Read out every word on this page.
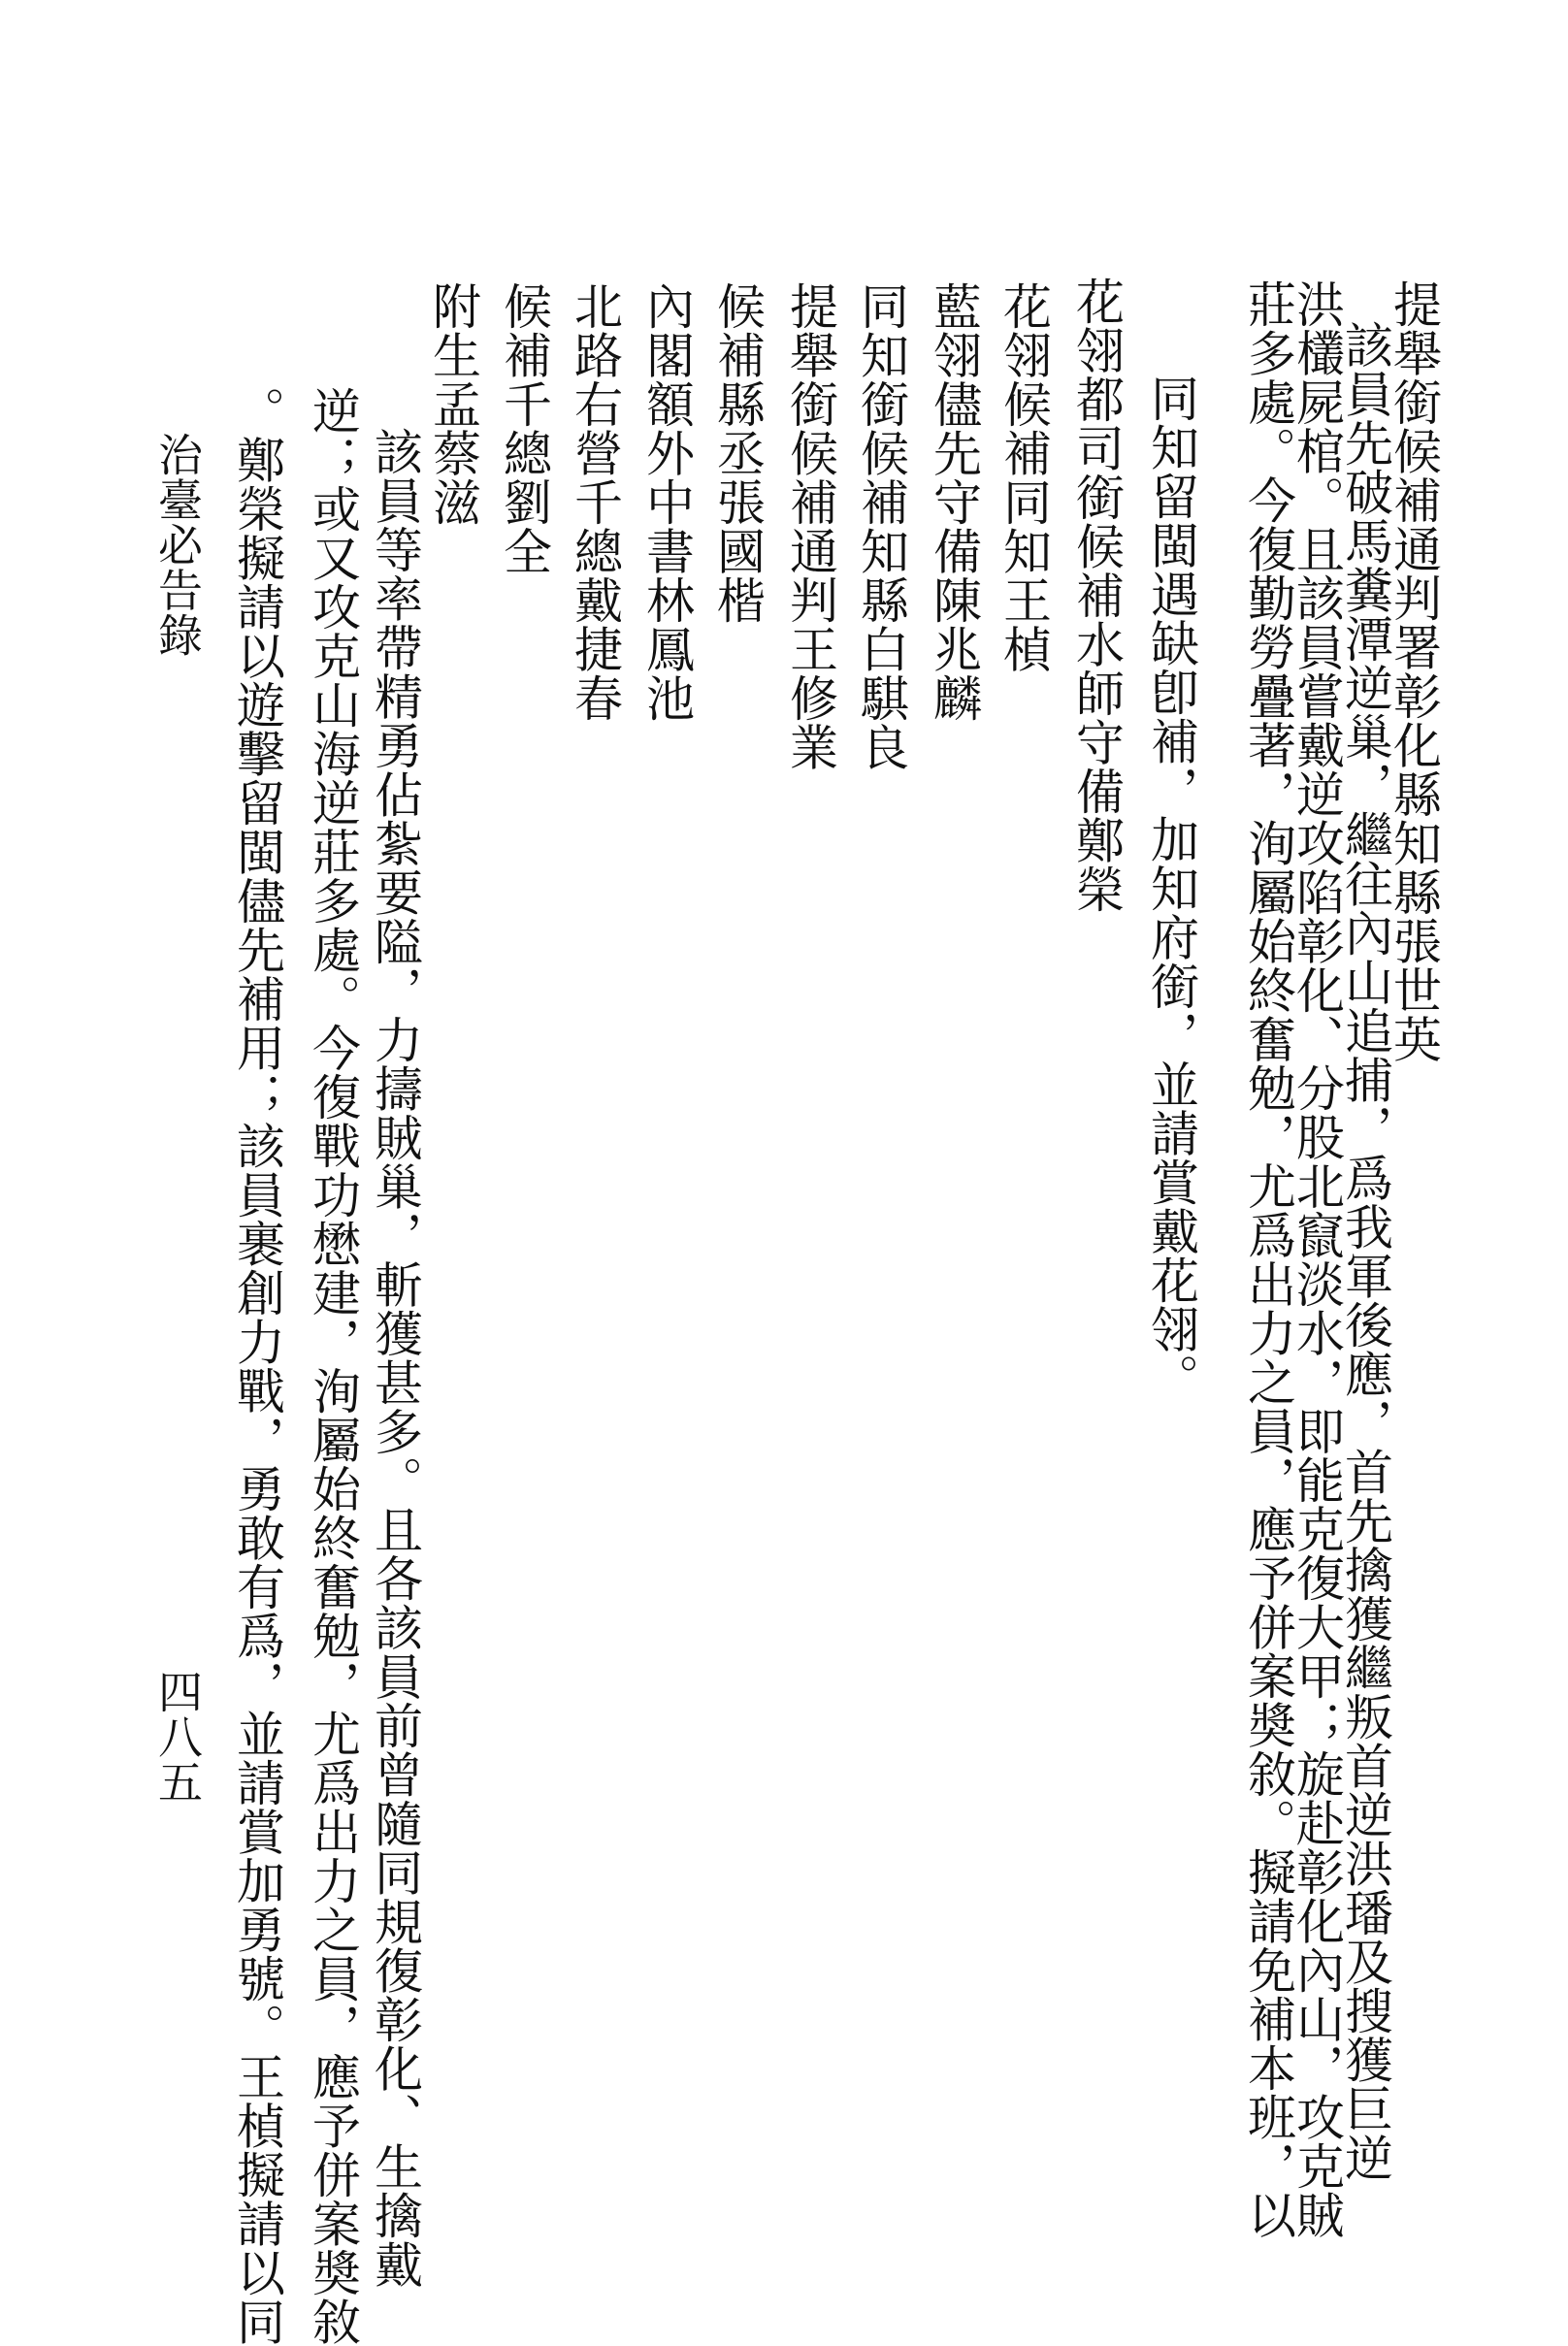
提舉銜候補通判署彰化縣知縣張世英
該員先破馬糞潭逆巢，繼往內山追捕，爲我軍後應，首先擒獲繼叛首逆洪璠及搜獲巨逆
洪欉屍棺。且該員嘗戴逆攻陷彰化、分股北竄淡水，即能克復大甲；旋赴彰化內山，攻克賊
莊多處。今復勤勞疊著，洵屬始終奮勉，尤爲出力之員，應予併案奬敘。擬請免補本班，以
同知留閩遇缺卽補，加知府銜，並請賞戴花翎。
花翎都司銜候補水師守備鄭榮
花翎候補同知王楨
藍翎儘先守備陳兆麟
同知銜候補知縣白騏良
提舉銜候補通判王修業
候補縣丞張國楷
內閣額外中書林鳳池
北路右營千總戴捷春
候補千總劉全
附生孟蔡滋
該員等率帶精勇佔紮要隘，力擣賊巢，斬獲甚多。且各該員前曾隨同規復彰化、生擒戴
逆；或又攻克山海逆莊多處。今復戰功懋建，洵屬始終奮勉，尤爲出力之員，應予併案奬敘
。鄭榮擬請以遊擊留閩儘先補用；該員裹創力戰，勇敢有爲，並請賞加勇號。王楨擬請以同
治臺必告錄
四八五
